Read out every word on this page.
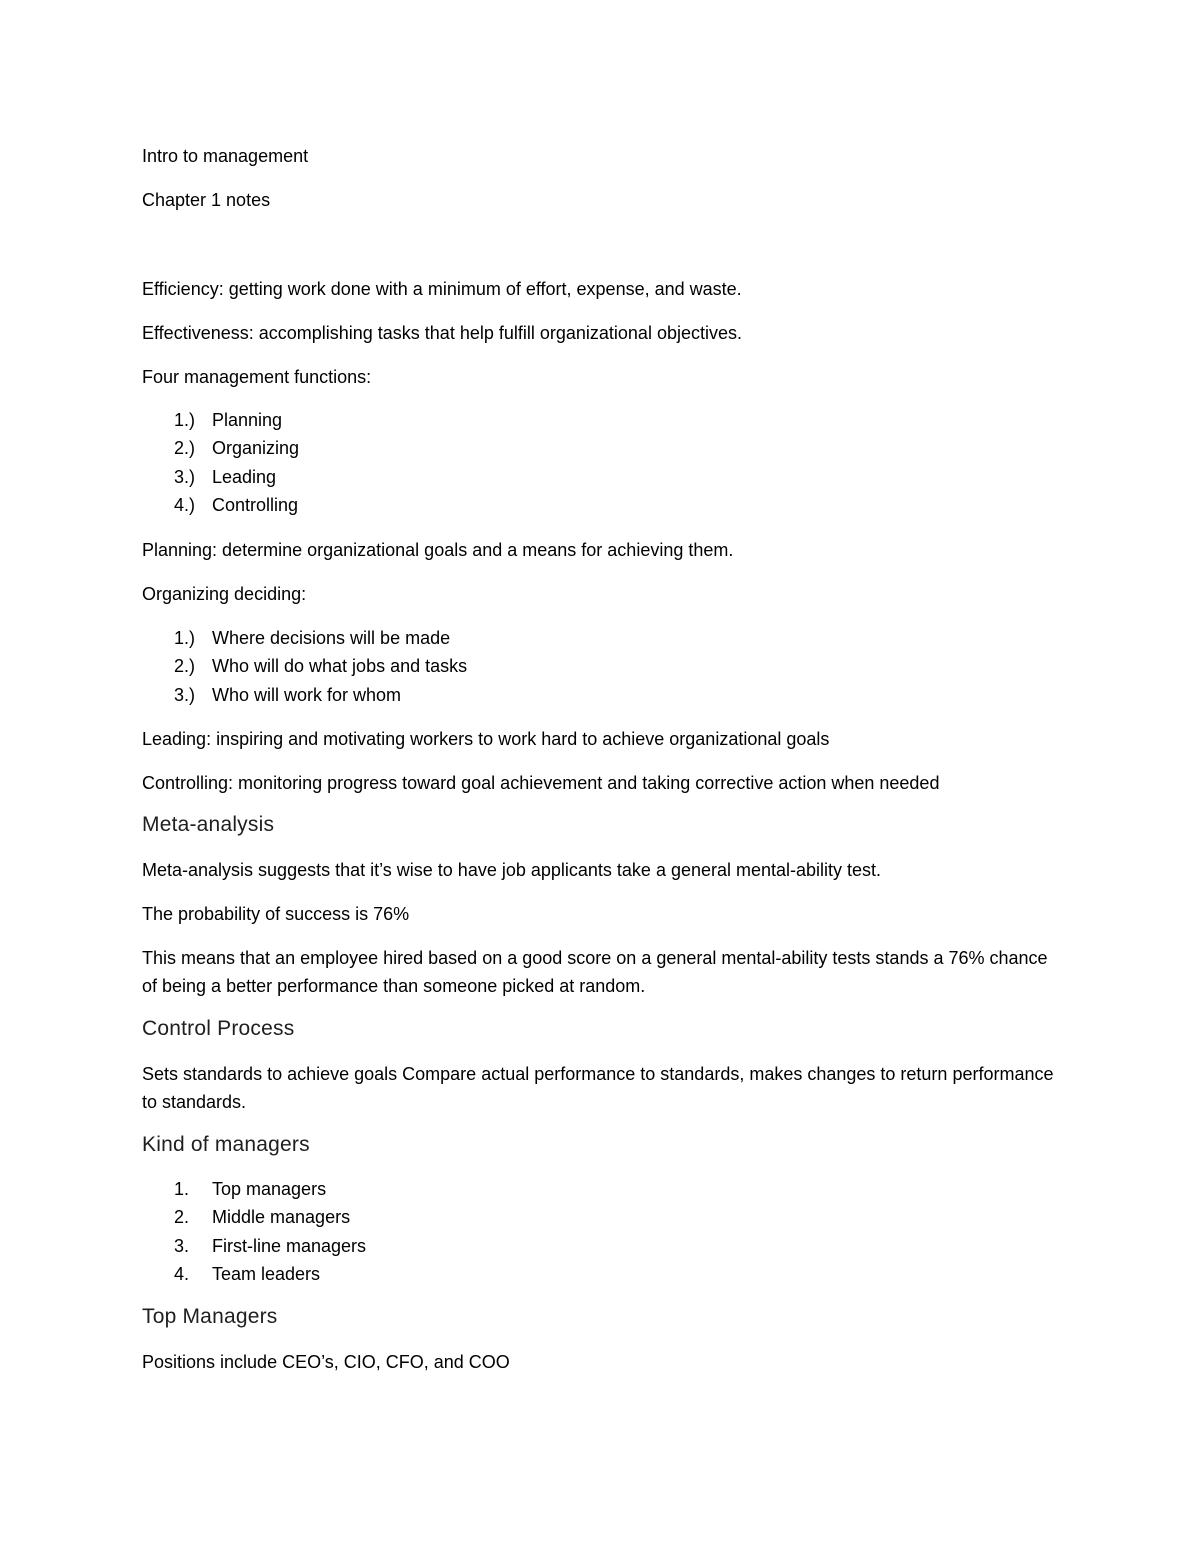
Intro to management

Chapter 1 notes

Efficiency: getting work done with a minimum of effort, expense, and waste.

Effectiveness: accomplishing tasks that help fulfill organizational objectives.

Four management functions:

1.) Planning
2.) Organizing
3.) Leading
4.) Controlling

Planning: determine organizational goals and a means for achieving them.

Organizing deciding:

1.) Where decisions will be made
2.) Who will do what jobs and tasks
3.) Who will work for whom

Leading: inspiring and motivating workers to work hard to achieve organizational goals

Controlling: monitoring progress toward goal achievement and taking corrective action when needed

Meta-analysis

Meta-analysis suggests that it’s wise to have job applicants take a general mental-ability test.

The probability of success is 76%

This means that an employee hired based on a good score on a general mental-ability tests stands a 76% chance of being a better performance than someone picked at random.

Control Process

Sets standards to achieve goals Compare actual performance to standards, makes changes to return performance to standards.

Kind of managers

1.	Top managers
2.	Middle managers
3.	First-line managers
4.	Team leaders

Top Managers

Positions include CEO’s, CIO, CFO, and COO
